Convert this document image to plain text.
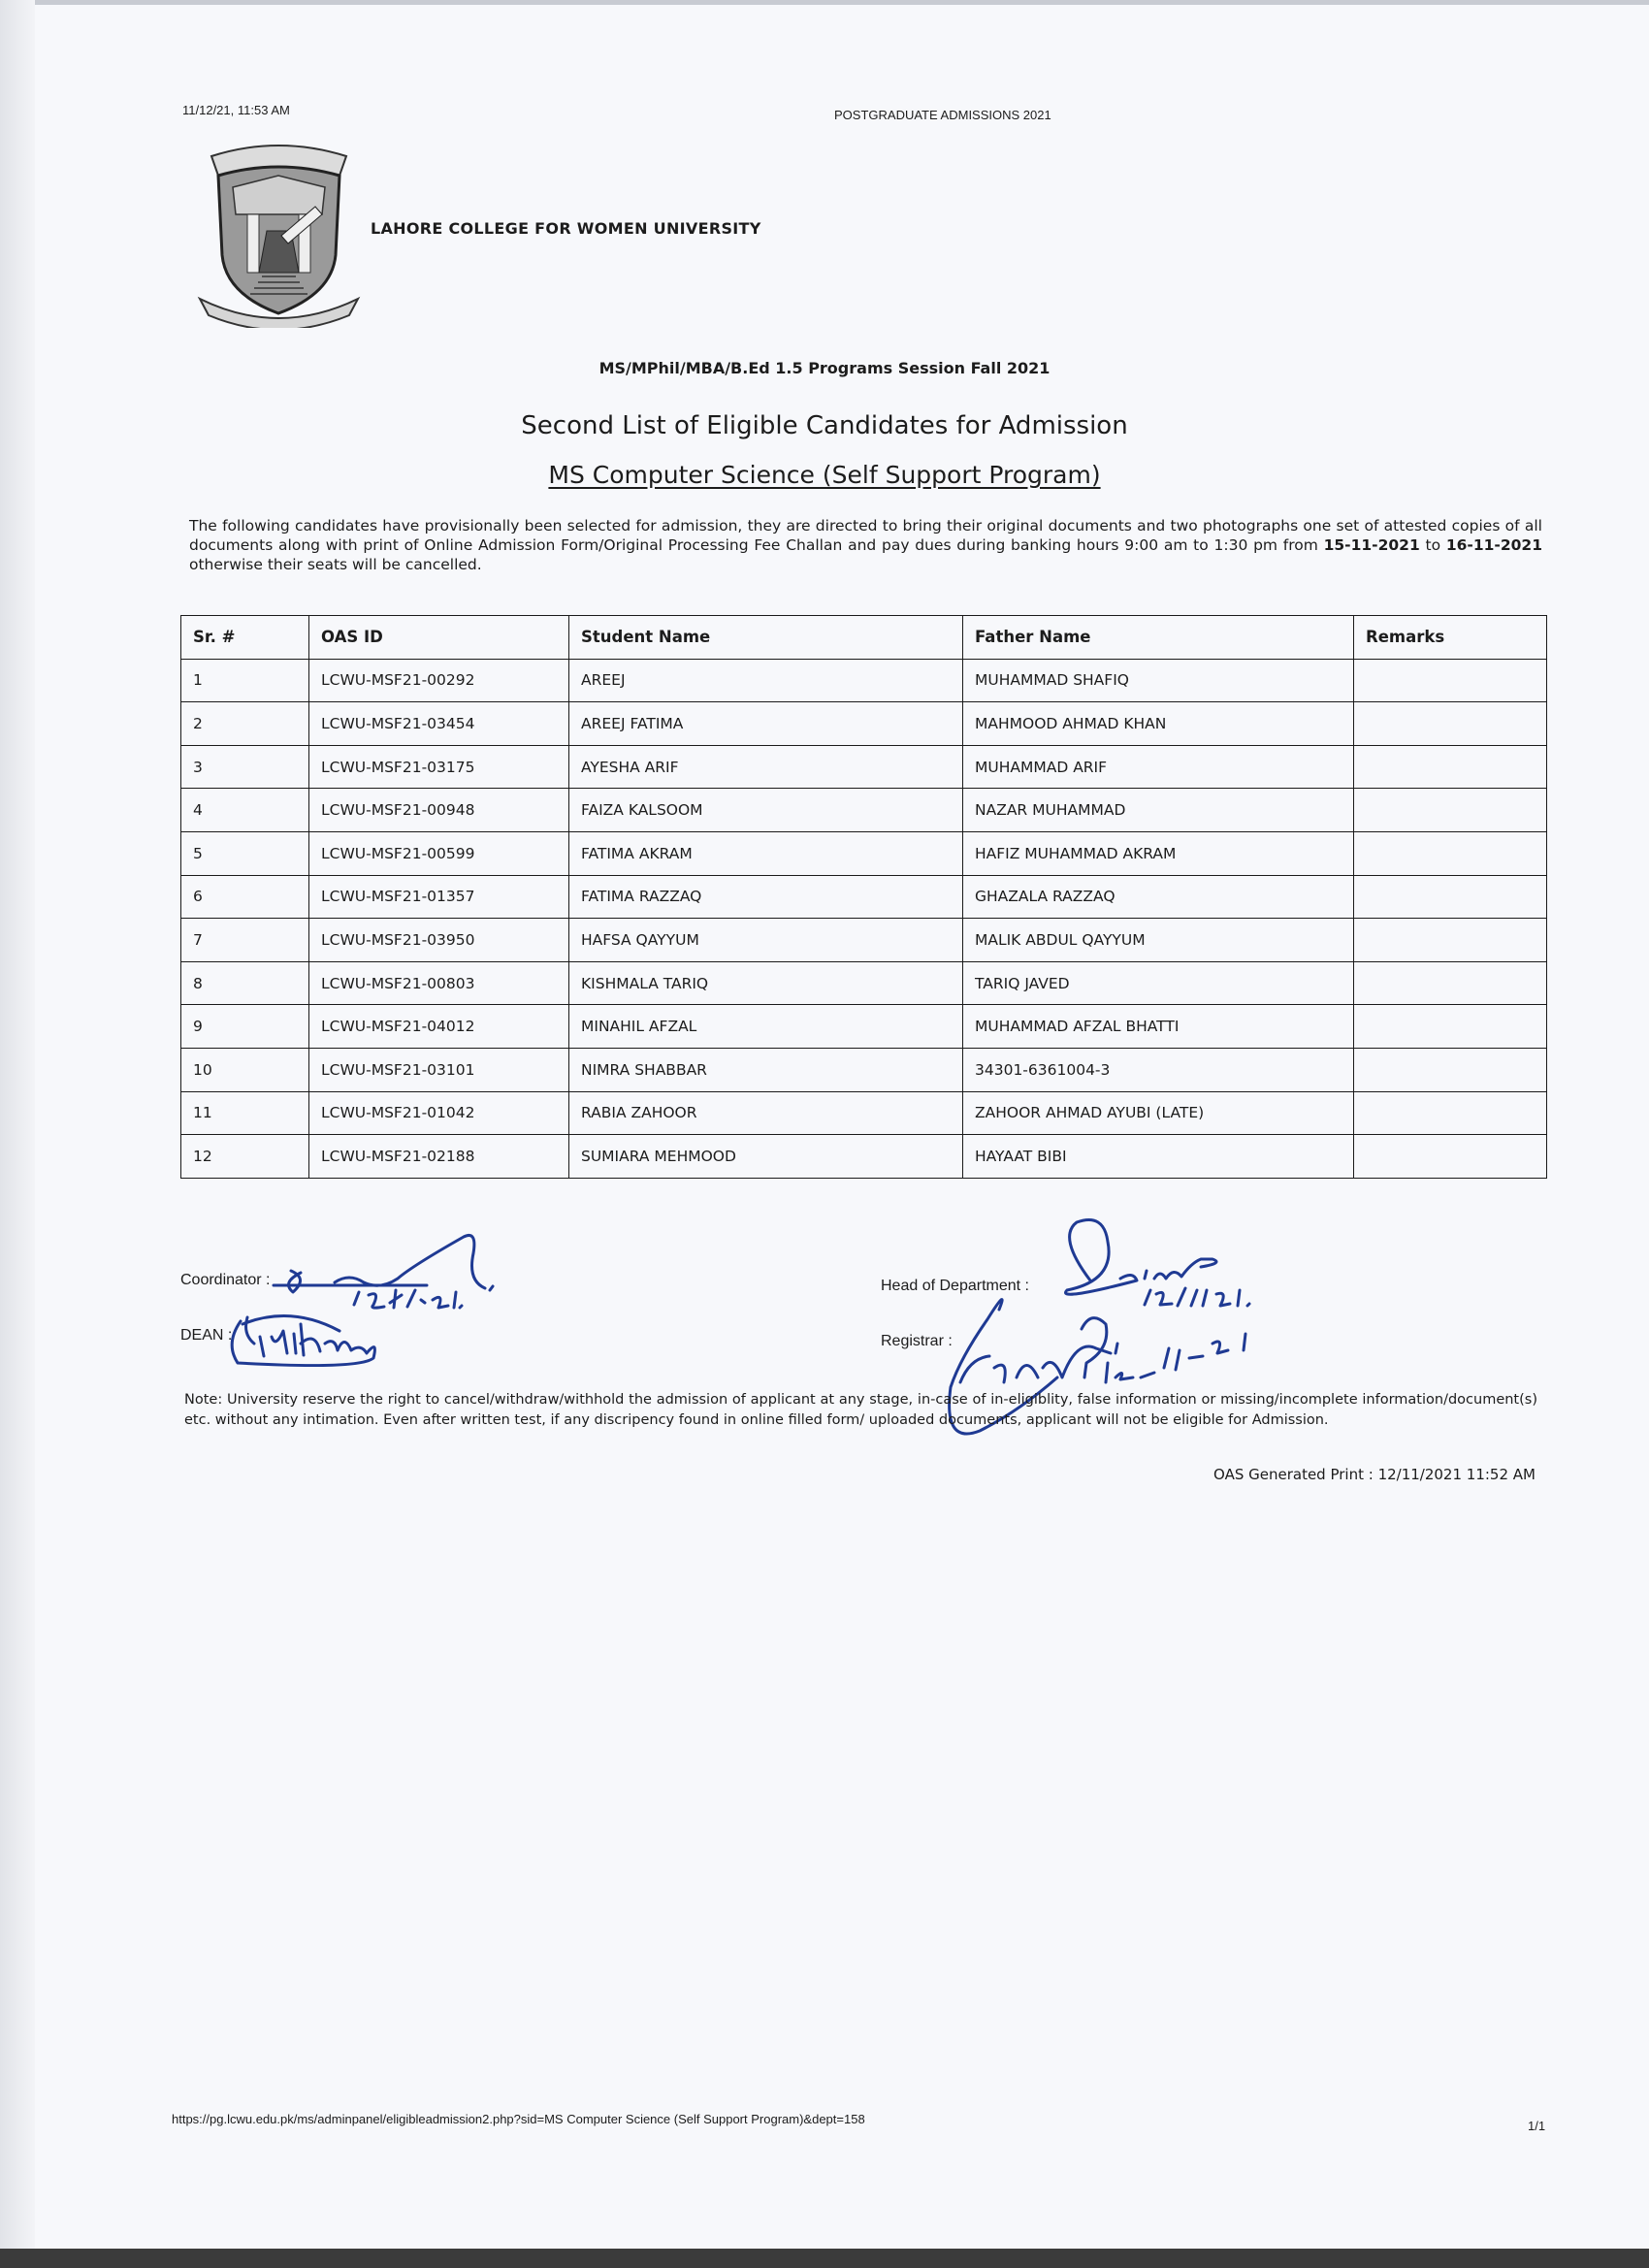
11/12/21, 11:53 AM	POSTGRADUATE ADMISSIONS 2021
LAHORE COLLEGE FOR WOMEN UNIVERSITY
MS/MPhil/MBA/B.Ed 1.5 Programs Session Fall 2021
Second List of Eligible Candidates for Admission
MS Computer Science (Self Support Program)
The following candidates have provisionally been selected for admission, they are directed to bring their original documents and two photographs one set of attested copies of all documents along with print of Online Admission Form/Original Processing Fee Challan and pay dues during banking hours 9:00 am to 1:30 pm from 15-11-2021 to 16-11-2021 otherwise their seats will be cancelled.
Sr. #	OAS ID	Student Name	Father Name	Remarks
1	LCWU-MSF21-00292	AREEJ	MUHAMMAD SHAFIQ	
2	LCWU-MSF21-03454	AREEJ FATIMA	MAHMOOD AHMAD KHAN	
3	LCWU-MSF21-03175	AYESHA ARIF	MUHAMMAD ARIF	
4	LCWU-MSF21-00948	FAIZA KALSOOM	NAZAR MUHAMMAD	
5	LCWU-MSF21-00599	FATIMA AKRAM	HAFIZ MUHAMMAD AKRAM	
6	LCWU-MSF21-01357	FATIMA RAZZAQ	GHAZALA RAZZAQ	
7	LCWU-MSF21-03950	HAFSA QAYYUM	MALIK ABDUL QAYYUM	
8	LCWU-MSF21-00803	KISHMALA TARIQ	TARIQ JAVED	
9	LCWU-MSF21-04012	MINAHIL AFZAL	MUHAMMAD AFZAL BHATTI	
10	LCWU-MSF21-03101	NIMRA SHABBAR	34301-6361004-3	
11	LCWU-MSF21-01042	RABIA ZAHOOR	ZAHOOR AHMAD AYUBI (LATE)	
12	LCWU-MSF21-02188	SUMIARA MEHMOOD	HAYAAT BIBI	
Coordinator :
DEAN :
Head of Department :
Registrar :
Note: University reserve the right to cancel/withdraw/withhold the admission of applicant at any stage, in-case of in-eligiblity, false information or missing/incomplete information/document(s) etc. without any intimation. Even after written test, if any discripency found in online filled form/ uploaded documents, applicant will not be eligible for Admission.
OAS Generated Print : 12/11/2021 11:52 AM
https://pg.lcwu.edu.pk/ms/adminpanel/eligibleadmission2.php?sid=MS Computer Science (Self Support Program)&dept=158	1/1
